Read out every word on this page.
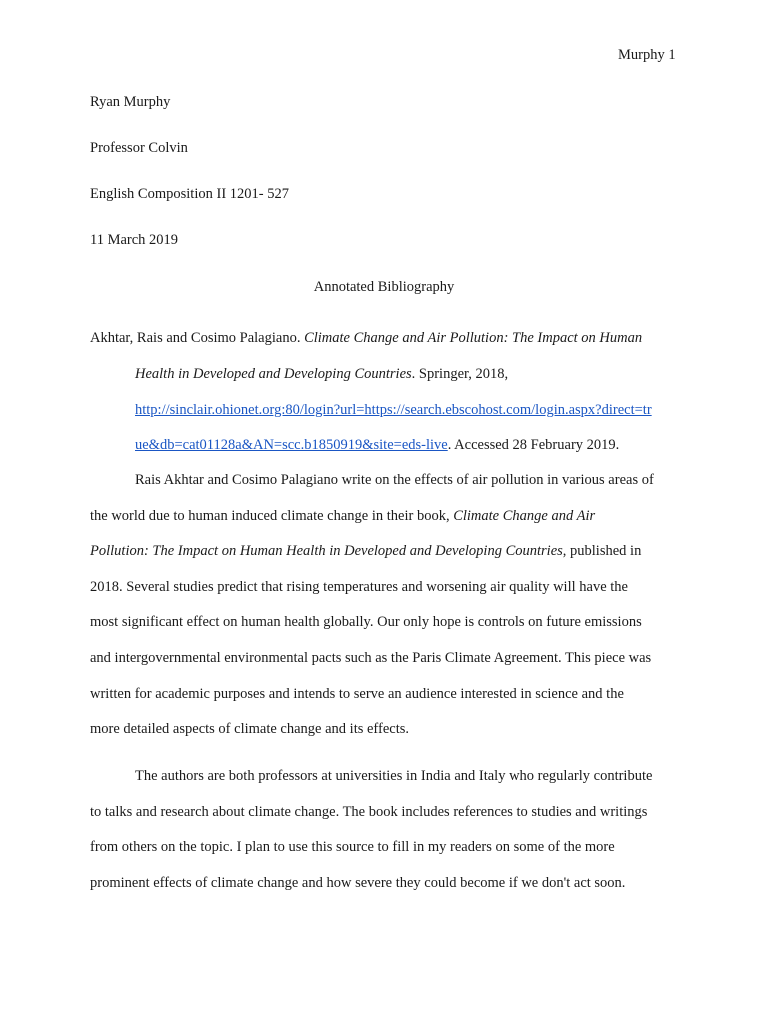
Murphy 1
Ryan Murphy
Professor Colvin
English Composition II 1201- 527
11 March 2019
Annotated Bibliography
Akhtar, Rais and Cosimo Palagiano. Climate Change and Air Pollution: The Impact on Human
Health in Developed and Developing Countries. Springer, 2018,
http://sinclair.ohionet.org:80/login?url=https://search.ebscohost.com/login.aspx?direct=tr
ue&db=cat01128a&AN=scc.b1850919&site=eds-live. Accessed 28 February 2019.
Rais Akhtar and Cosimo Palagiano write on the effects of air pollution in various areas of
the world due to human induced climate change in their book, Climate Change and Air
Pollution: The Impact on Human Health in Developed and Developing Countries, published in
2018. Several studies predict that rising temperatures and worsening air quality will have the
most significant effect on human health globally. Our only hope is controls on future emissions
and intergovernmental environmental pacts such as the Paris Climate Agreement. This piece was
written for academic purposes and intends to serve an audience interested in science and the
more detailed aspects of climate change and its effects.
The authors are both professors at universities in India and Italy who regularly contribute
to talks and research about climate change. The book includes references to studies and writings
from others on the topic. I plan to use this source to fill in my readers on some of the more
prominent effects of climate change and how severe they could become if we don't act soon.
